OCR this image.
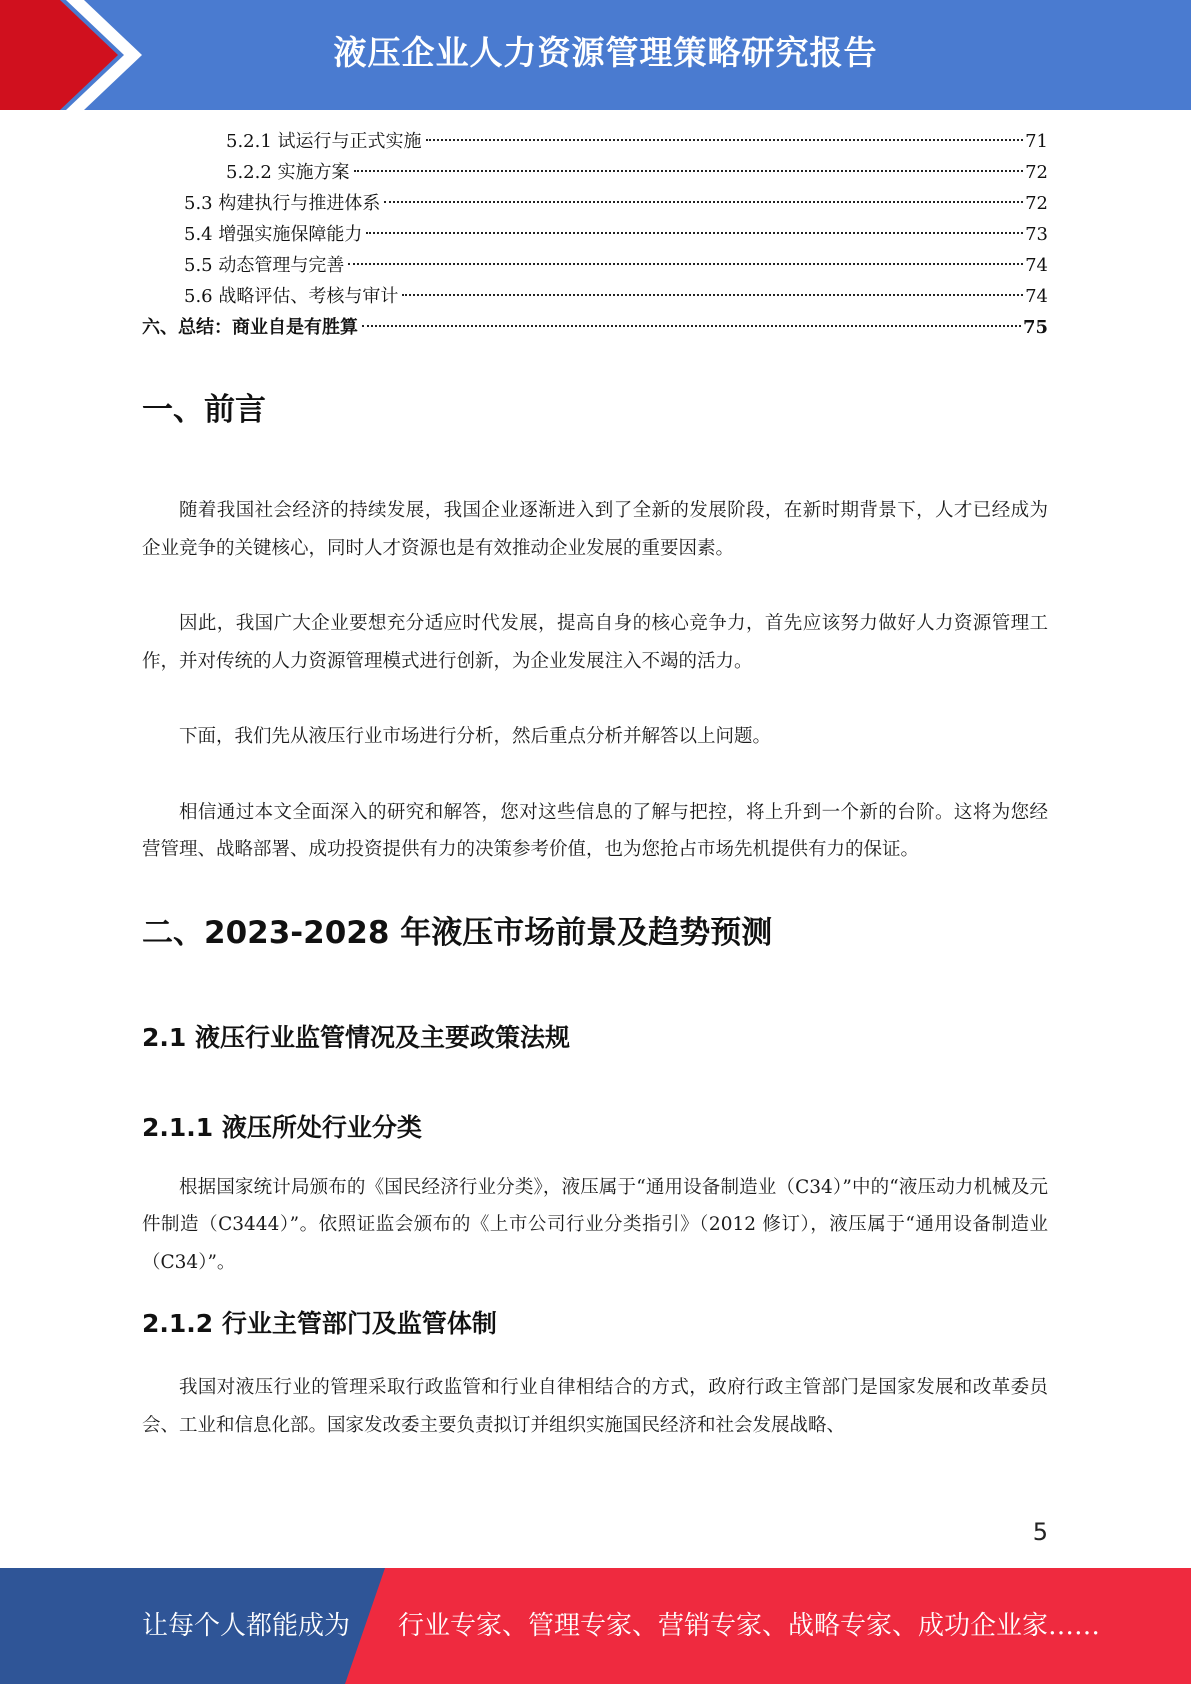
液压企业人力资源管理策略研究报告
5.2.1 试运行与正式实施	71
5.2.2 实施方案	72
5.3 构建执行与推进体系	72
5.4 增强实施保障能力	73
5.5 动态管理与完善	74
5.6 战略评估、考核与审计	74
六、总结：商业自是有胜算	75
一、前言

随着我国社会经济的持续发展，我国企业逐渐进入到了全新的发展阶段，在新时期背景下，人才已经成为企业竞争的关键核心，同时人才资源也是有效推动企业发展的重要因素。

因此，我国广大企业要想充分适应时代发展，提高自身的核心竞争力，首先应该努力做好人力资源管理工作，并对传统的人力资源管理模式进行创新，为企业发展注入不竭的活力。

下面，我们先从液压行业市场进行分析，然后重点分析并解答以上问题。

相信通过本文全面深入的研究和解答，您对这些信息的了解与把控，将上升到一个新的台阶。这将为您经营管理、战略部署、成功投资提供有力的决策参考价值，也为您抢占市场先机提供有力的保证。

二、2023-2028 年液压市场前景及趋势预测
2.1 液压行业监管情况及主要政策法规
2.1.1 液压所处行业分类

根据国家统计局颁布的《国民经济行业分类》，液压属于“通用设备制造业（C34）”中的“液压动力机械及元件制造（C3444）”。依照证监会颁布的《上市公司行业分类指引》（2012 修订），液压属于“通用设备制造业（C34）”。

2.1.2 行业主管部门及监管体制

我国对液压行业的管理采取行政监管和行业自律相结合的方式，政府行政主管部门是国家发展和改革委员会、工业和信息化部。国家发改委主要负责拟订并组织实施国民经济和社会发展战略、

5
让每个人都能成为 行业专家、管理专家、营销专家、战略专家、成功企业家……
